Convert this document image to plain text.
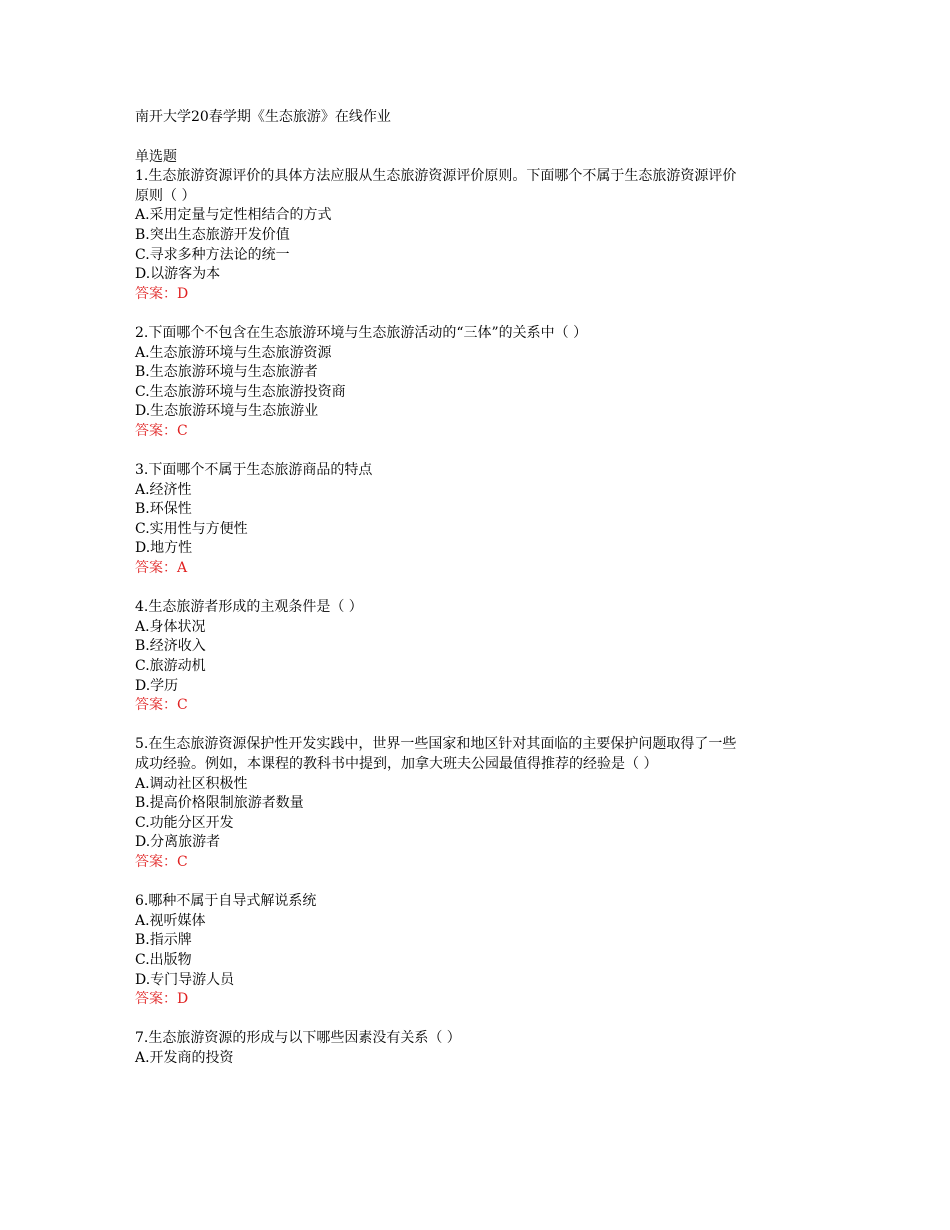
南开大学20春学期《生态旅游》在线作业

单选题

1.生态旅游资源评价的具体方法应服从生态旅游资源评价原则。下面哪个不属于生态旅游资源评价

原则（ ）

A.采用定量与定性相结合的方式

B.突出生态旅游开发价值

C.寻求多种方法论的统一

D.以游客为本

答案：D

2.下面哪个不包含在生态旅游环境与生态旅游活动的“三体”的关系中（ ）

A.生态旅游环境与生态旅游资源

B.生态旅游环境与生态旅游者

C.生态旅游环境与生态旅游投资商

D.生态旅游环境与生态旅游业

答案：C

3.下面哪个不属于生态旅游商品的特点

A.经济性

B.环保性

C.实用性与方便性

D.地方性

答案：A

4.生态旅游者形成的主观条件是（ ）

A.身体状况

B.经济收入

C.旅游动机

D.学历

答案：C

5.在生态旅游资源保护性开发实践中，世界一些国家和地区针对其面临的主要保护问题取得了一些

成功经验。例如，本课程的教科书中提到，加拿大班夫公园最值得推荐的经验是（ ）

A.调动社区积极性

B.提高价格限制旅游者数量

C.功能分区开发

D.分离旅游者

答案：C

6.哪种不属于自导式解说系统

A.视听媒体

B.指示牌

C.出版物

D.专门导游人员

答案：D

7.生态旅游资源的形成与以下哪些因素没有关系（ ）

A.开发商的投资
